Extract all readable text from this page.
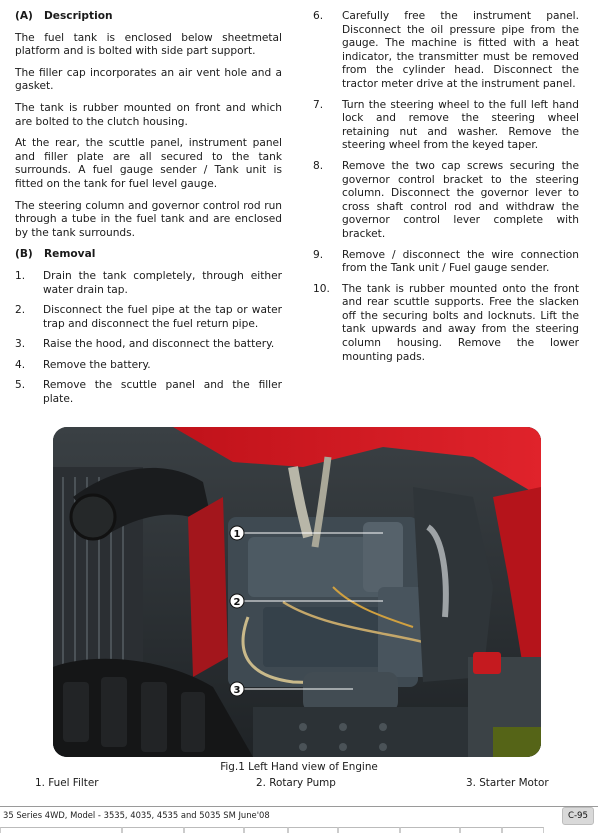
(A)	Description

The fuel tank is enclosed below sheetmetal platform and is bolted with side part support.

The filler cap incorporates an air vent hole and a gasket.

The tank is rubber mounted on front and which are bolted to the clutch housing.

At the rear, the scuttle panel, instrument panel and filler plate are all secured to the tank surrounds. A fuel gauge sender / Tank unit is fitted on the tank for fuel level gauge.

The steering column and governor control rod run through a tube in the fuel tank and are enclosed by the tank surrounds.

(B)	Removal
1.	Drain the tank completely, through either water drain tap.
2.	Disconnect the fuel pipe at the tap or water trap and disconnect the fuel return pipe.
3.	Raise the hood, and disconnect the battery.
4.	Remove the battery.
5.	Remove the scuttle panel and the filler plate.
6.	Carefully free the instrument panel. Disconnect the oil pressure pipe from the gauge. The machine is fitted with a heat indicator, the transmitter must be removed from the cylinder head. Disconnect the tractor meter drive at the instrument panel.
7.	Turn the steering wheel to the full left hand lock and remove the steering wheel retaining nut and washer. Remove the steering wheel from the keyed taper.
8.	Remove the two cap screws securing the governor control bracket to the steering column. Disconnect the governor lever to cross shaft control rod and withdraw the governor control lever complete with bracket.
9.	Remove / disconnect the wire connection from the Tank unit / Fuel gauge sender.
10.	The tank is rubber mounted onto the front and rear scuttle supports. Free the slacken off the securing bolts and locknuts. Lift the tank upwards and away from the steering column housing. Remove the lower mounting pads.
1
2
3
Fig.1 Left Hand view of Engine
1. Fuel Filter	2. Rotary Pump	3. Starter Motor
35 Series 4WD, Model - 3535, 4035, 4535 and 5035 SM June'08	C-95
